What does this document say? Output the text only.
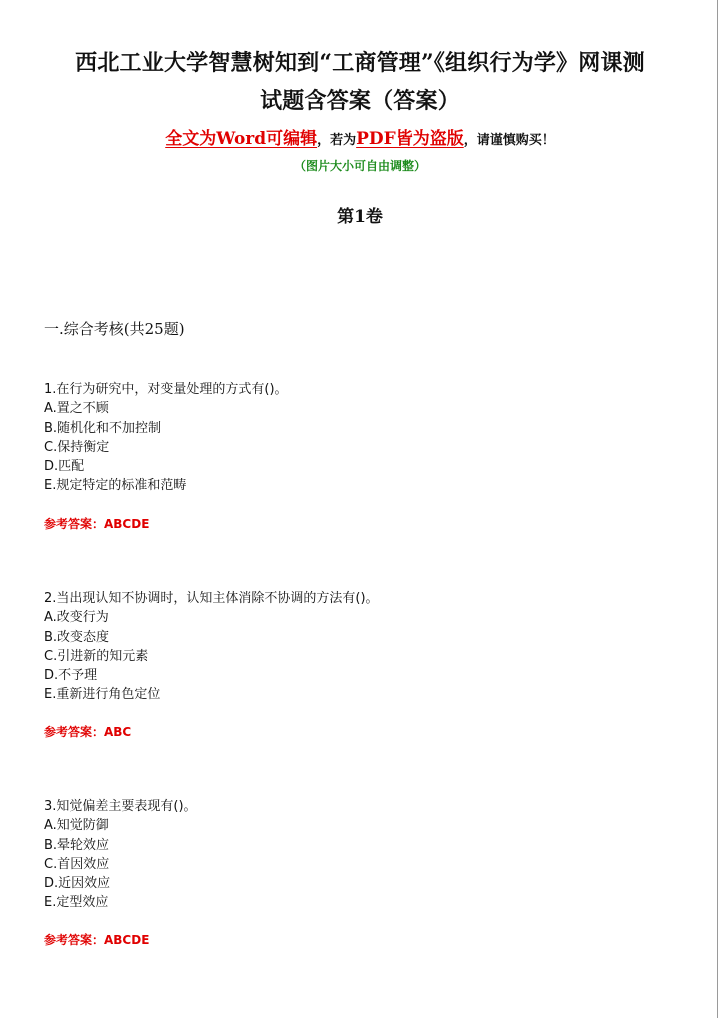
西北工业大学智慧树知到“工商管理”《组织行为学》网课测
试题含答案（答案）
全文为Word可编辑，若为PDF皆为盗版，请谨慎购买！
（图片大小可自由调整）
第1卷
一.综合考核(共25题)
1.在行为研究中，对变量处理的方式有()。
A.置之不顾
B.随机化和不加控制
C.保持衡定
D.匹配
E.规定特定的标准和范畴
参考答案：ABCDE
2.当出现认知不协调时，认知主体消除不协调的方法有()。
A.改变行为
B.改变态度
C.引进新的知元素
D.不予理
E.重新进行角色定位
参考答案：ABC
3.知觉偏差主要表现有()。
A.知觉防御
B.晕轮效应
C.首因效应
D.近因效应
E.定型效应
参考答案：ABCDE
